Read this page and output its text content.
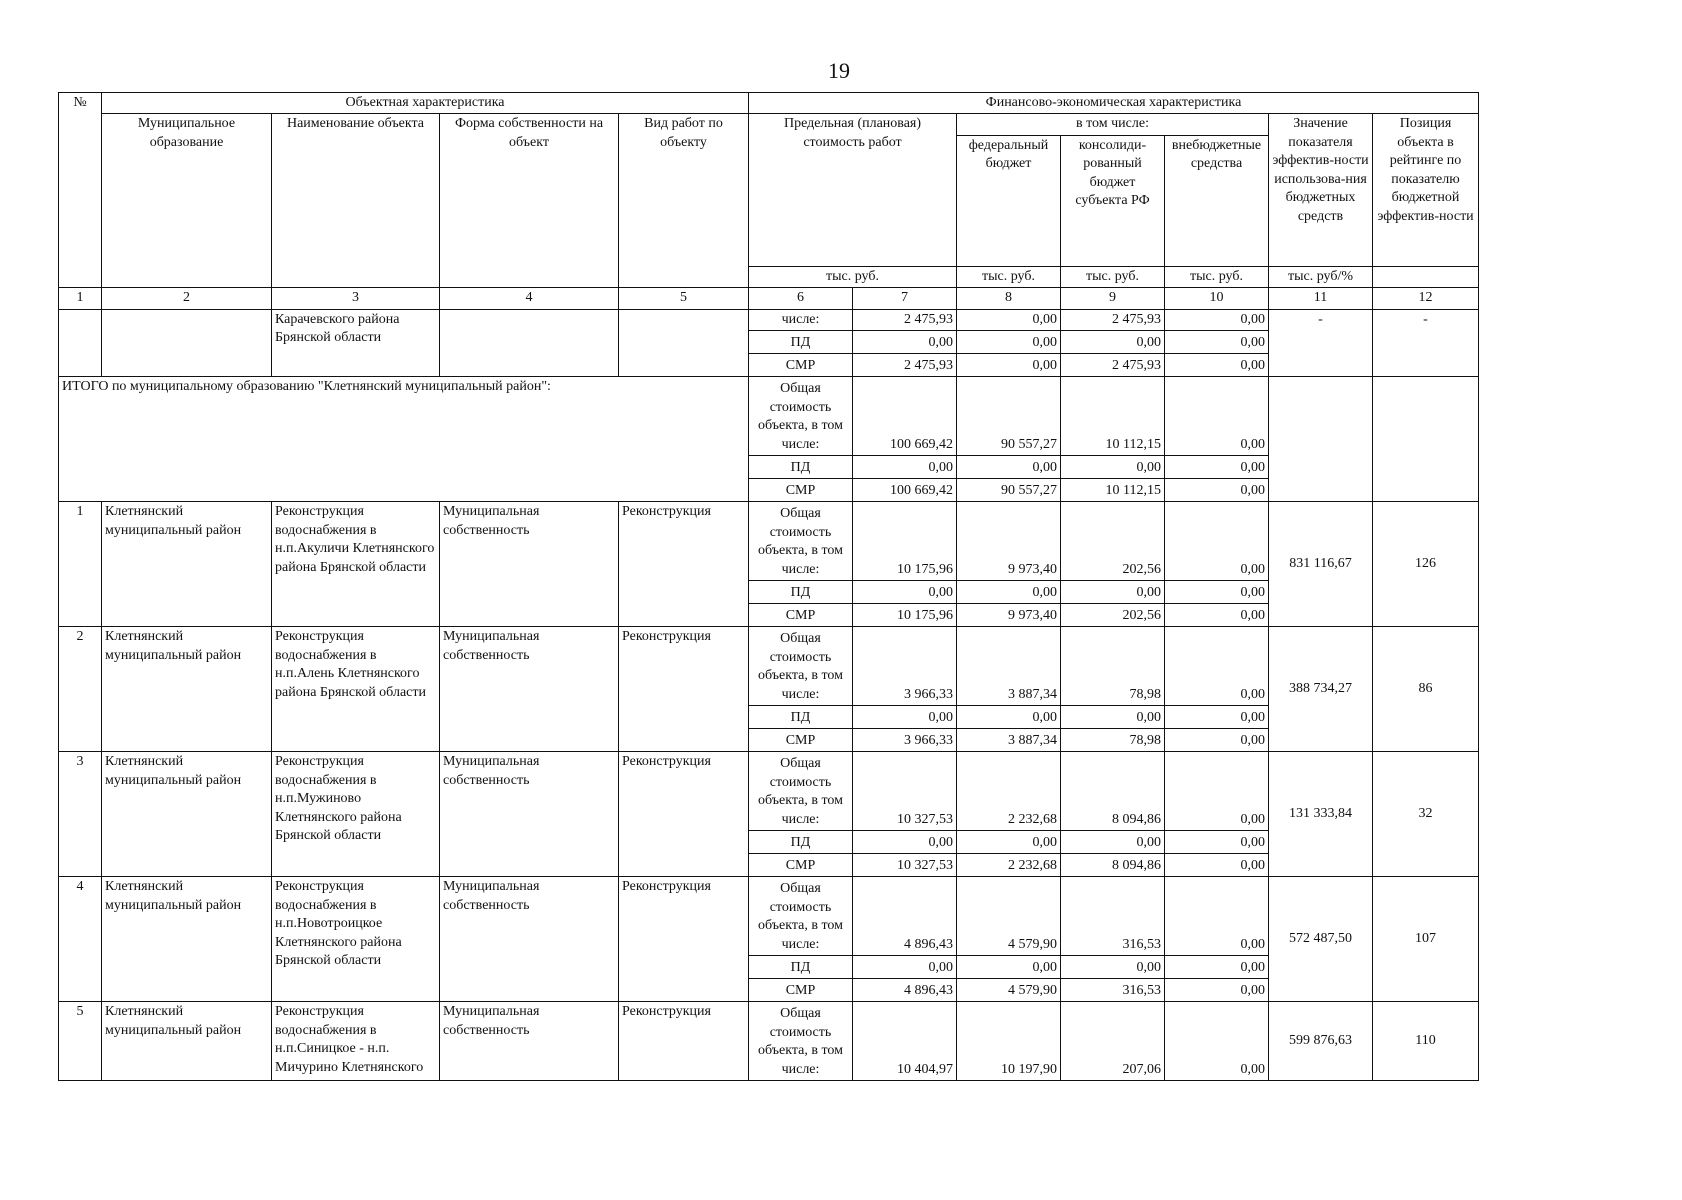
19
№	Объектная характеристика				Финансово-экономическая характеристика						
	Муниципальное образование	Наименование объекта	Форма собственности на объект	Вид работ по объекту	Предельная (плановая) стоимость работ		в том числе:			Значение показателя эффектив-ности использова-ния бюджетных средств	Позиция объекта в рейтинге по показателю бюджетной эффектив-ности
							федеральный бюджет	консолиди-рованный бюджет субъекта РФ	внебюджетные средства		
					тыс. руб.		тыс. руб.	тыс. руб.	тыс. руб.	тыс. руб/%	
1	2	3	4	5	6	7	8	9	10	11	12
		Карачевского района Брянской области			числе:	2 475,93	0,00	2 475,93	0,00	-	-
					ПД	0,00	0,00	0,00	0,00		
					СМР	2 475,93	0,00	2 475,93	0,00		
ИТОГО по муниципальному образованию "Клетнянский муниципальный район":					Общая стоимость объекта, в том числе:	100 669,42	90 557,27	10 112,15	0,00		
					ПД	0,00	0,00	0,00	0,00		
					СМР	100 669,42	90 557,27	10 112,15	0,00		
1	Клетнянский муниципальный район	Реконструкция водоснабжения в н.п.Акуличи Клетнянского района Брянской области	Муниципальная собственность	Реконструкция	Общая стоимость объекта, в том числе:	10 175,96	9 973,40	202,56	0,00	831 116,67	126
					ПД	0,00	0,00	0,00	0,00		
					СМР	10 175,96	9 973,40	202,56	0,00		
2	Клетнянский муниципальный район	Реконструкция водоснабжения в н.п.Алень Клетнянского района Брянской области	Муниципальная собственность	Реконструкция	Общая стоимость объекта, в том числе:	3 966,33	3 887,34	78,98	0,00	388 734,27	86
					ПД	0,00	0,00	0,00	0,00		
					СМР	3 966,33	3 887,34	78,98	0,00		
3	Клетнянский муниципальный район	Реконструкция водоснабжения в н.п.Мужиново Клетнянского района Брянской области	Муниципальная собственность	Реконструкция	Общая стоимость объекта, в том числе:	10 327,53	2 232,68	8 094,86	0,00	131 333,84	32
					ПД	0,00	0,00	0,00	0,00		
					СМР	10 327,53	2 232,68	8 094,86	0,00		
4	Клетнянский муниципальный район	Реконструкция водоснабжения в н.п.Новотроицкое Клетнянского района Брянской области	Муниципальная собственность	Реконструкция	Общая стоимость объекта, в том числе:	4 896,43	4 579,90	316,53	0,00	572 487,50	107
					ПД	0,00	0,00	0,00	0,00		
					СМР	4 896,43	4 579,90	316,53	0,00		
5	Клетнянский муниципальный район	Реконструкция водоснабжения в н.п.Синицкое - н.п. Мичурино Клетнянского	Муниципальная собственность	Реконструкция	Общая стоимость объекта, в том числе:	10 404,97	10 197,90	207,06	0,00	599 876,63	110
